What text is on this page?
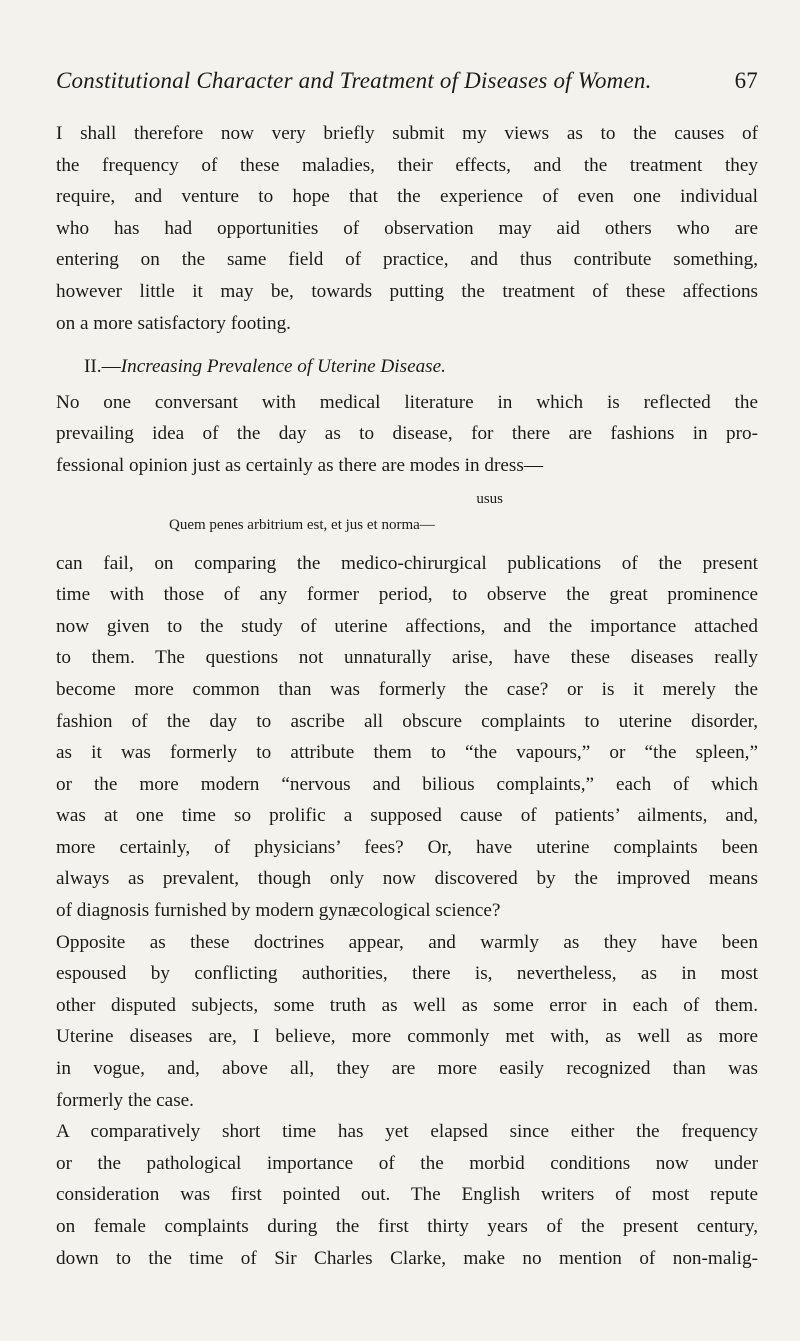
Constitutional Character and Treatment of Diseases of Women.	67
I shall therefore now very briefly submit my views as to the causes of
the frequency of these maladies, their effects, and the treatment they
require, and venture to hope that the experience of even one individual
who has had opportunities of observation may aid others who are
entering on the same field of practice, and thus contribute something,
however little it may be, towards putting the treatment of these affections
on a more satisfactory footing.
II.—Increasing Prevalence of Uterine Disease.
No one conversant with medical literature in which is reflected the
prevailing idea of the day as to disease, for there are fashions in pro-
fessional opinion just as certainly as there are modes in dress—
usus
Quem penes arbitrium est, et jus et norma—
can fail, on comparing the medico-chirurgical publications of the present
time with those of any former period, to observe the great prominence
now given to the study of uterine affections, and the importance attached
to them. The questions not unnaturally arise, have these diseases really
become more common than was formerly the case? or is it merely the
fashion of the day to ascribe all obscure complaints to uterine disorder,
as it was formerly to attribute them to “the vapours,” or “the spleen,”
or the more modern “nervous and bilious complaints,” each of which
was at one time so prolific a supposed cause of patients’ ailments, and,
more certainly, of physicians’ fees? Or, have uterine complaints been
always as prevalent, though only now discovered by the improved means
of diagnosis furnished by modern gynæcological science?
Opposite as these doctrines appear, and warmly as they have been
espoused by conflicting authorities, there is, nevertheless, as in most
other disputed subjects, some truth as well as some error in each of them.
Uterine diseases are, I believe, more commonly met with, as well as more
in vogue, and, above all, they are more easily recognized than was
formerly the case.
A comparatively short time has yet elapsed since either the frequency
or the pathological importance of the morbid conditions now under
consideration was first pointed out. The English writers of most repute
on female complaints during the first thirty years of the present century,
down to the time of Sir Charles Clarke, make no mention of non-malig-
